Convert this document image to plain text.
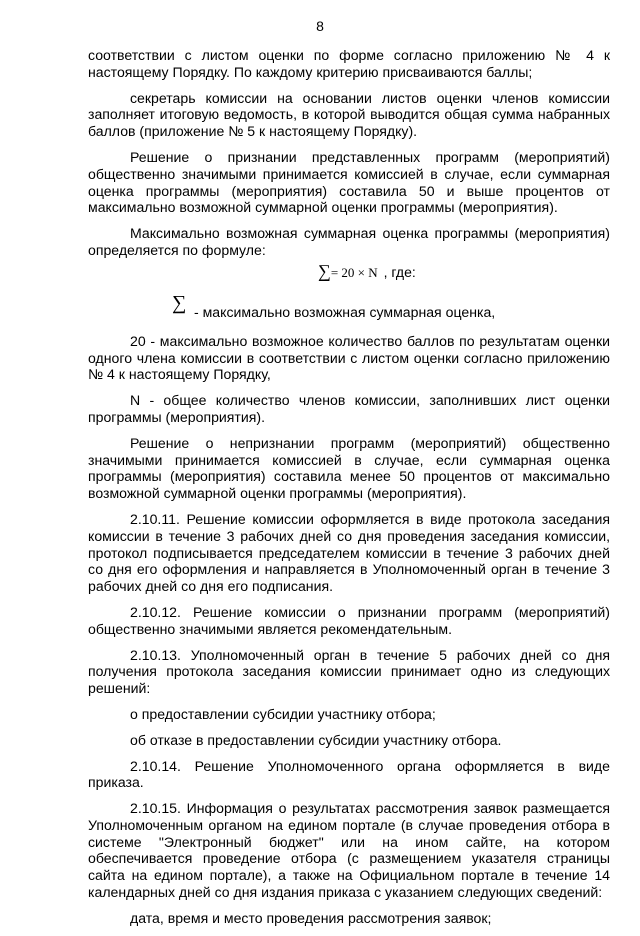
8

соответствии с листом оценки по форме согласно приложению № 4 к настоящему Порядку. По каждому критерию присваиваются баллы;

секретарь комиссии на основании листов оценки членов комиссии заполняет итоговую ведомость, в которой выводится общая сумма набранных баллов (приложение № 5 к настоящему Порядку).

Решение о признании представленных программ (мероприятий) общественно значимыми принимается комиссией в случае, если суммарная оценка программы (мероприятия) составила 50 и выше процентов от максимально возможной суммарной оценки программы (мероприятия).

Максимально возможная суммарная оценка программы (мероприятия) определяется по формуле:

∑= 20 × N , где:
∑ - максимально возможная суммарная оценка,

20 - максимально возможное количество баллов по результатам оценки одного члена комиссии в соответствии с листом оценки согласно приложению № 4 к настоящему Порядку,

N - общее количество членов комиссии, заполнивших лист оценки программы (мероприятия).

Решение о непризнании программ (мероприятий) общественно значимыми принимается комиссией в случае, если суммарная оценка программы (мероприятия) составила менее 50 процентов от максимально возможной суммарной оценки программы (мероприятия).

2.10.11. Решение комиссии оформляется в виде протокола заседания комиссии в течение 3 рабочих дней со дня проведения заседания комиссии, протокол подписывается председателем комиссии в течение 3 рабочих дней со дня его оформления и направляется в Уполномоченный орган в течение 3 рабочих дней со дня его подписания.

2.10.12. Решение комиссии о признании программ (мероприятий) общественно значимыми является рекомендательным.

2.10.13. Уполномоченный орган в течение 5 рабочих дней со дня получения протокола заседания комиссии принимает одно из следующих решений:

о предоставлении субсидии участнику отбора;

об отказе в предоставлении субсидии участнику отбора.

2.10.14. Решение Уполномоченного органа оформляется в виде приказа.

2.10.15. Информация о результатах рассмотрения заявок размещается Уполномоченным органом на едином портале (в случае проведения отбора в системе "Электронный бюджет" или на ином сайте, на котором обеспечивается проведение отбора (с размещением указателя страницы сайта на едином портале), а также на Официальном портале в течение 14 календарных дней со дня издания приказа с указанием следующих сведений:

дата, время и место проведения рассмотрения заявок;
